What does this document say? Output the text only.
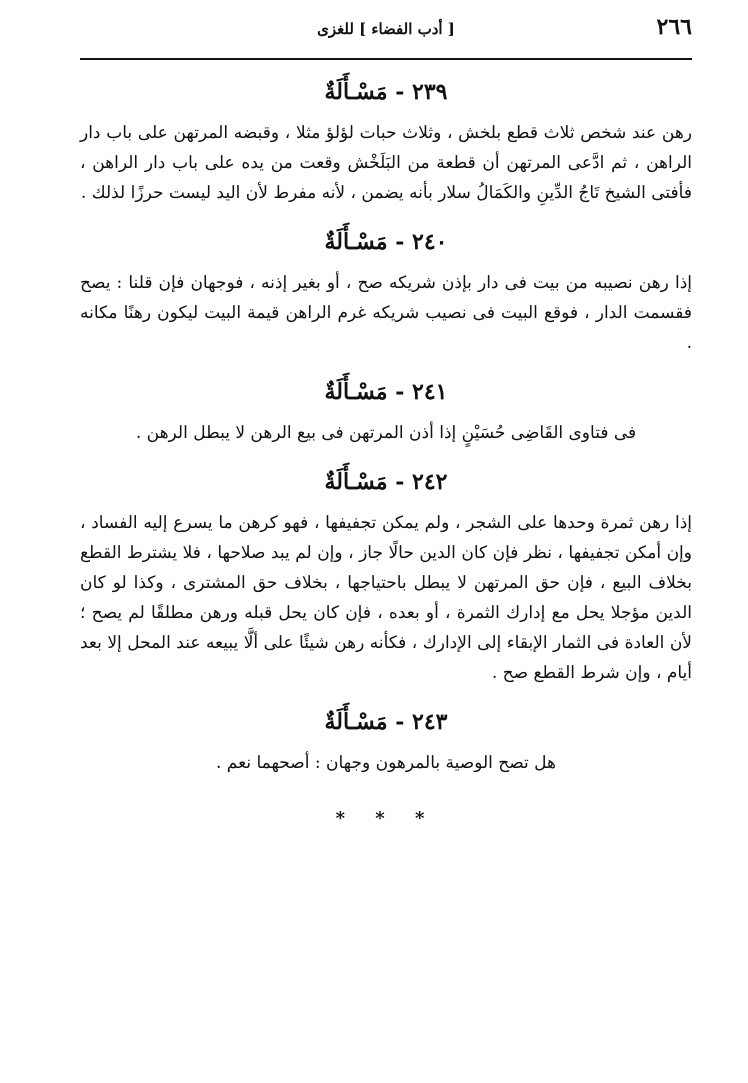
٢٦٦
[ أدب الفضاء ] للغزى
٢٣٩ - مَسْـأَلَةٌ

رهن عند شخص ثلاث قطع بلخش ، وثلاث حبات لؤلؤ مثلا ، وقبضه المرتهن على باب دار الراهن ، ثم ادَّعى المرتهن أن قطعة من البَلَخْش وقعت من يده على باب دار الراهن ، فأفتى الشيخ تَاجُ الدِّينِ والكَمَالُ سلار بأنه يضمن ، لأنه مفرط لأن اليد ليست حرزًا لذلك .

٢٤٠ - مَسْـأَلَةٌ

إذا رهن نصيبه من بيت فى دار بإذن شريكه صح ، أو بغير إذنه ، فوجهان فإن قلنا : يصح فقسمت الدار ، فوقع البيت فى نصيب شريكه غرم الراهن قيمة البيت ليكون رهنًا مكانه .

٢٤١ - مَسْـأَلَةٌ

فى فتاوى القَاضِى حُسَيْنٍ إذا أذن المرتهن فى بيع الرهن لا يبطل الرهن .

٢٤٢ - مَسْـأَلَةٌ

إذا رهن ثمرة وحدها على الشجر ، ولم يمكن تجفيفها ، فهو كرهن ما يسرع إليه الفساد ، وإن أمكن تجفيفها ، نظر فإن كان الدين حالًا جاز ، وإن لم يبد صلاحها ، فلا يشترط القطع بخلاف البيع ، فإن حق المرتهن لا يبطل باحتياجها ، بخلاف حق المشترى ، وكذا لو كان الدين مؤجلا يحل مع إدارك الثمرة ، أو بعده ، فإن كان يحل قبله ورهن مطلقًا لم يصح ؛ لأن العادة فى الثمار الإبقاء إلى الإدارك ، فكأنه رهن شيئًا على ألَّا يبيعه عند المحل إلا بعد أيام ، وإن شرط القطع صح .

٢٤٣ - مَسْـأَلَةٌ

هل تصح الوصية بالمرهون وجهان : أصحهما نعم .

* * *
